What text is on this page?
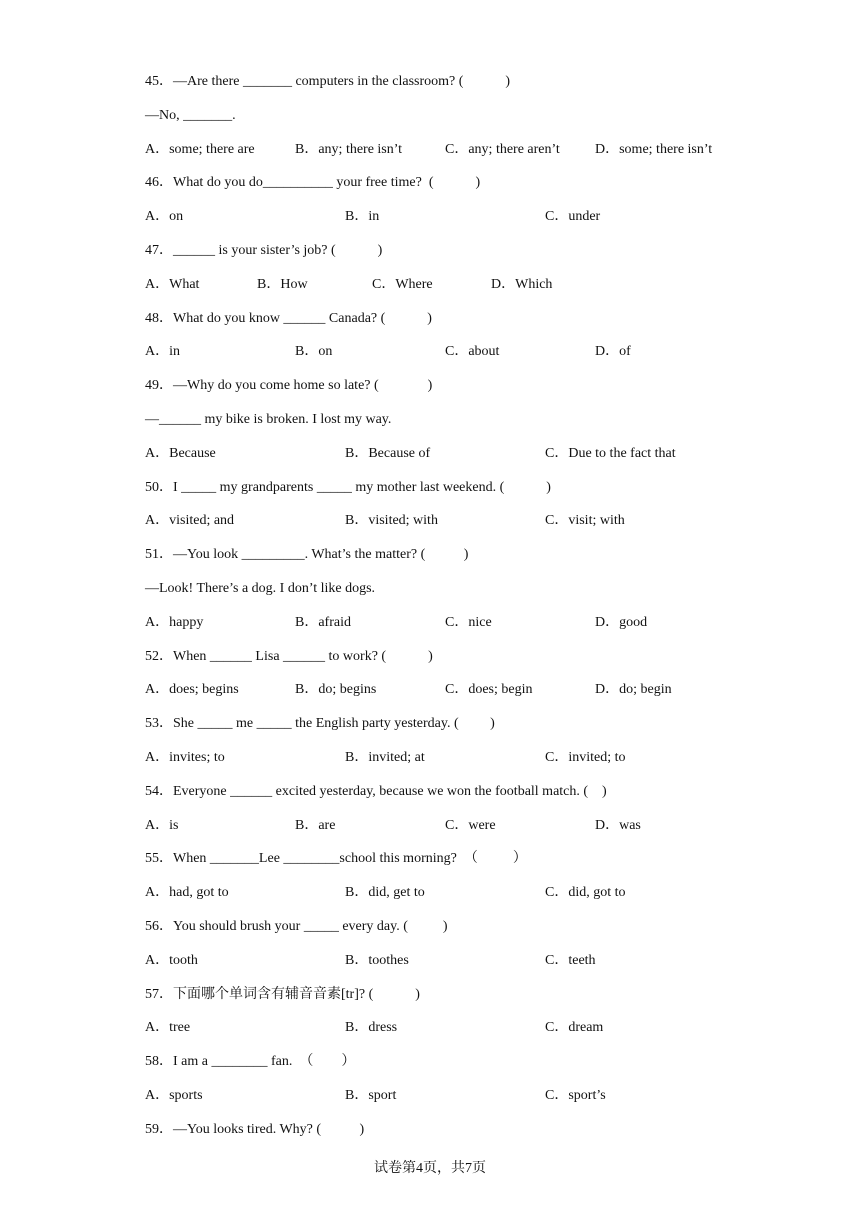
45．—Are there _______ computers in the classroom? (            )
—No, _______.
A．some; there are	B．any; there isn’t	C．any; there aren’t	D．some; there isn’t
46．What do you do__________ your free time?  (            )
A．on	B．in	C．under
47．______ is your sister’s job? (            )
A．What	B．How	C．Where	D．Which
48．What do you know ______ Canada? (            )
A．in	B．on	C．about	D．of
49．—Why do you come home so late? (              )
—______ my bike is broken. I lost my way.
A．Because	B．Because of	C．Due to the fact that
50．I _____ my grandparents _____ my mother last weekend. (            )
A．visited; and	B．visited; with	C．visit; with
51．—You look _________. What’s the matter? (           )
—Look! There’s a dog. I don’t like dogs.
A．happy	B．afraid	C．nice	D．good
52．When ______ Lisa ______ to work? (            )
A．does; begins	B．do; begins	C．does; begin	D．do; begin
53．She _____ me _____ the English party yesterday. (         )
A．invites; to	B．invited; at	C．invited; to
54．Everyone ______ excited yesterday, because we won the football match. (    )
A．is	B．are	C．were	D．was
55．When _______Lee ________school this morning?  （          ）
A．had, got to	B．did, get to	C．did, got to
56．You should brush your _____ every day. (          )
A．tooth	B．toothes	C．teeth
57．下面哪个单词含有辅音音素[tr]? (            )
A．tree	B．dress	C．dream
58．I am a ________ fan.  （        ）
A．sports	B．sport	C．sport’s
59．—You looks tired. Why? (           )
试卷第4页，共7页
